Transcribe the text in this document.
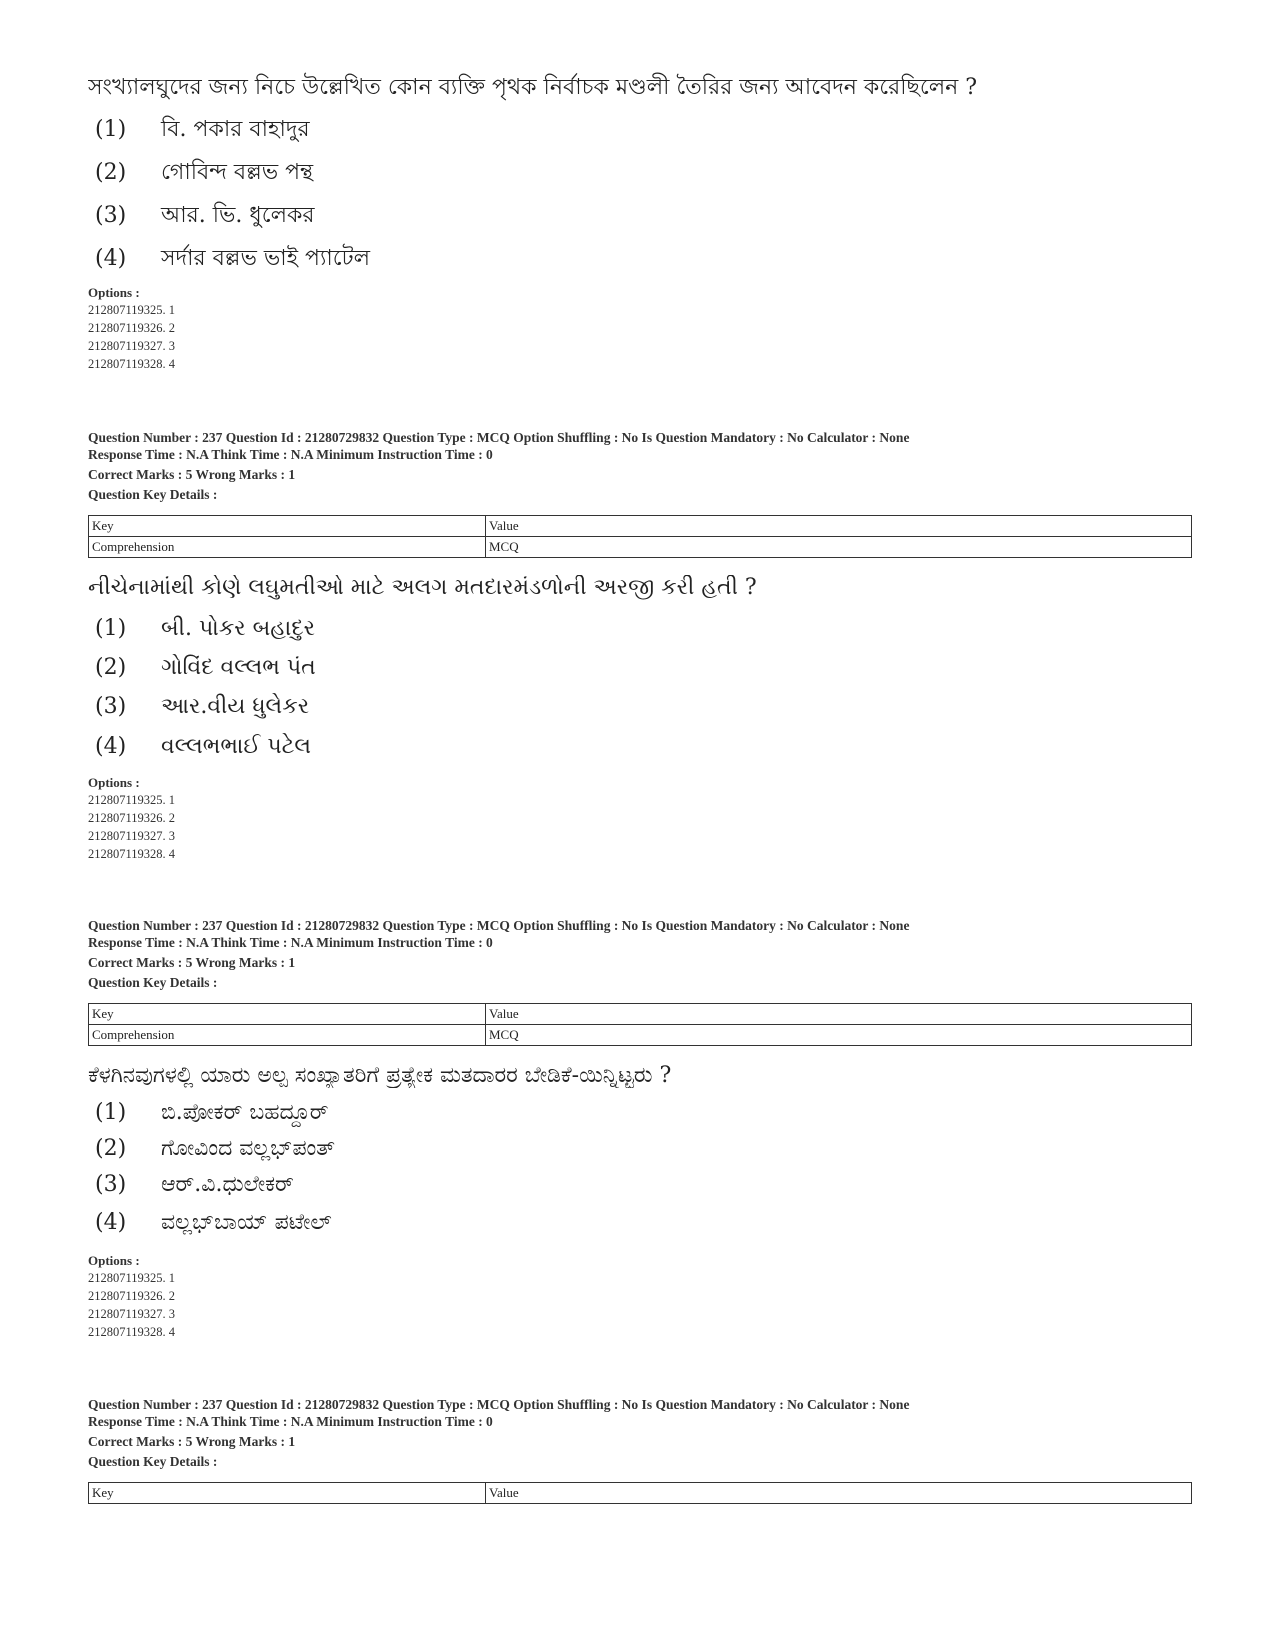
সংখ্যালঘুদের জন্য নিচে উল্লেখিত কোন ব্যক্তি পৃথক নির্বাচক মণ্ডলী তৈরির জন্য আবেদন করেছিলেন ?
(1) বি. পকার বাহাদুর
(2) গোবিন্দ বল্লভ পন্থ
(3) আর. ভি. ধুলেকর
(4) সর্দার বল্লভ ভাই প্যাটেল
Options :
212807119325. 1
212807119326. 2
212807119327. 3
212807119328. 4
Question Number : 237 Question Id : 21280729832 Question Type : MCQ Option Shuffling : No Is Question Mandatory : No Calculator : None
Response Time : N.A Think Time : N.A Minimum Instruction Time : 0
Correct Marks : 5 Wrong Marks : 1
Question Key Details :
Key	Value
Comprehension	MCQ
નીચેનામાંથી કોણે લઘુમતીઓ માટે અલગ મતદારમંડળોની અરજી કરી હતી ?
(1) બી. પોકર બહાદુર
(2) ગોવિંદ વલ્લભ પંત
(3) આર.વીય ધુલેકર
(4) વલ્લભભાઈ પટેલ
Options :
212807119325. 1
212807119326. 2
212807119327. 3
212807119328. 4
Question Number : 237 Question Id : 21280729832 Question Type : MCQ Option Shuffling : No Is Question Mandatory : No Calculator : None
Response Time : N.A Think Time : N.A Minimum Instruction Time : 0
Correct Marks : 5 Wrong Marks : 1
Question Key Details :
Key	Value
Comprehension	MCQ
ಕೆಳಗಿನವುಗಳಲ್ಲಿ ಯಾರು ಅಲ್ಪ ಸಂಖ್ಯಾತರಿಗೆ ಪ್ರತ್ಯೇಕ ಮತದಾರರ ಬೇಡಿಕೆ-ಯಿನ್ನಿಟ್ಟರು ?
(1) ಬಿ.ಪೋಕರ್ ಬಹದ್ದೂರ್
(2) ಗೋವಿಂದ ವಲ್ಲಭ್‌ಪಂತ್
(3) ಆರ್.ವಿ.ಧುಲೇಕರ್
(4) ವಲ್ಲಭ್‌ಬಾಯ್ ಪಟೇಲ್
Options :
212807119325. 1
212807119326. 2
212807119327. 3
212807119328. 4
Question Number : 237 Question Id : 21280729832 Question Type : MCQ Option Shuffling : No Is Question Mandatory : No Calculator : None
Response Time : N.A Think Time : N.A Minimum Instruction Time : 0
Correct Marks : 5 Wrong Marks : 1
Question Key Details :
Key	Value
